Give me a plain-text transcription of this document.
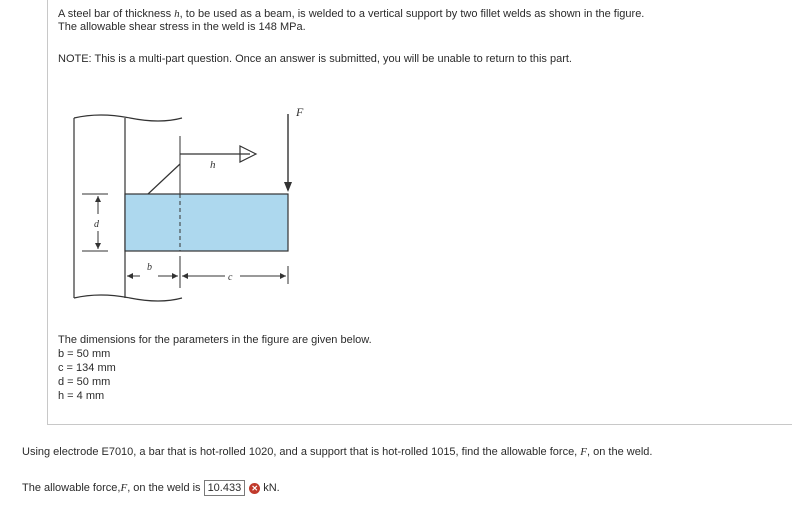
A steel bar of thickness h, to be used as a beam, is welded to a vertical support by two fillet welds as shown in the figure.

The allowable shear stress in the weld is 148 MPa.

NOTE: This is a multi-part question. Once an answer is submitted, you will be unable to return to this part.
h
F
d
b
c
The dimensions for the parameters in the figure are given below.
b = 50 mm
c = 134 mm
d = 50 mm
h = 4 mm
Using electrode E7010, a bar that is hot-rolled 1020, and a support that is hot-rolled 1015, find the allowable force, F, on the weld.
The allowable force, F , on the weld is 10.433	✕ kN.
